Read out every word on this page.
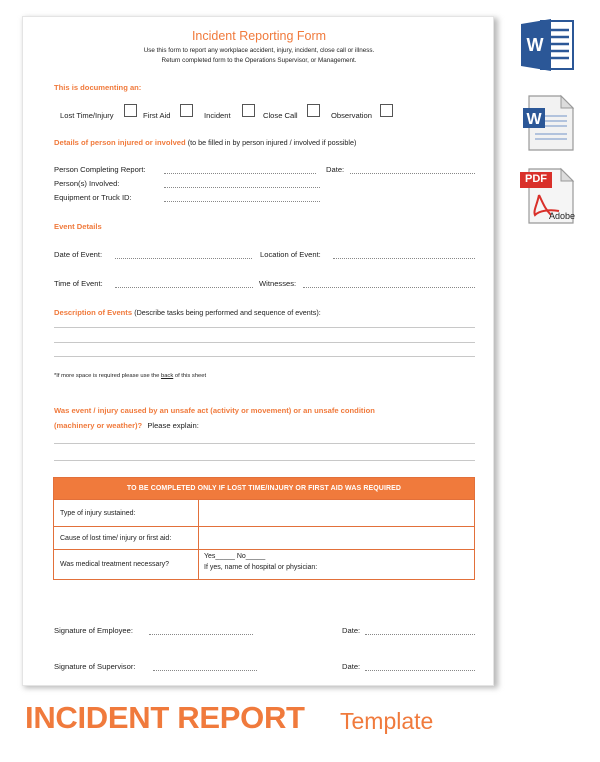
Incident Reporting Form
Use this form to report any workplace accident, injury, incident, close call or illness.
Return completed form to the Operations Supervisor, or Management.
This is documenting an:
Lost Time/Injury	First Aid	Incident	Close Call	Observation
Details of person injured or involved (to be filled in by person injured / involved if possible)
Person Completing Report:	Date:
Person(s) Involved:
Equipment or Truck ID:
Event Details
Date of Event:	Location of Event:
Time of Event:	Witnesses:
Description of Events (Describe tasks being performed and sequence of events):
*If more space is required please use the back of this sheet
Was event / injury caused by an unsafe act (activity or movement) or an unsafe condition
(machinery or weather)? Please explain:
TO BE COMPLETED ONLY IF LOST TIME/INJURY OR FIRST AID WAS REQUIRED
Type of injury sustained:
Cause of lost time/ injury or first aid:
Was medical treatment necessary?
Yes_____ No_____
If yes, name of hospital or physician:
Signature of Employee:	Date:
Signature of Supervisor:	Date:
W
W
PDF
Adobe
INCIDENT REPORT Template
